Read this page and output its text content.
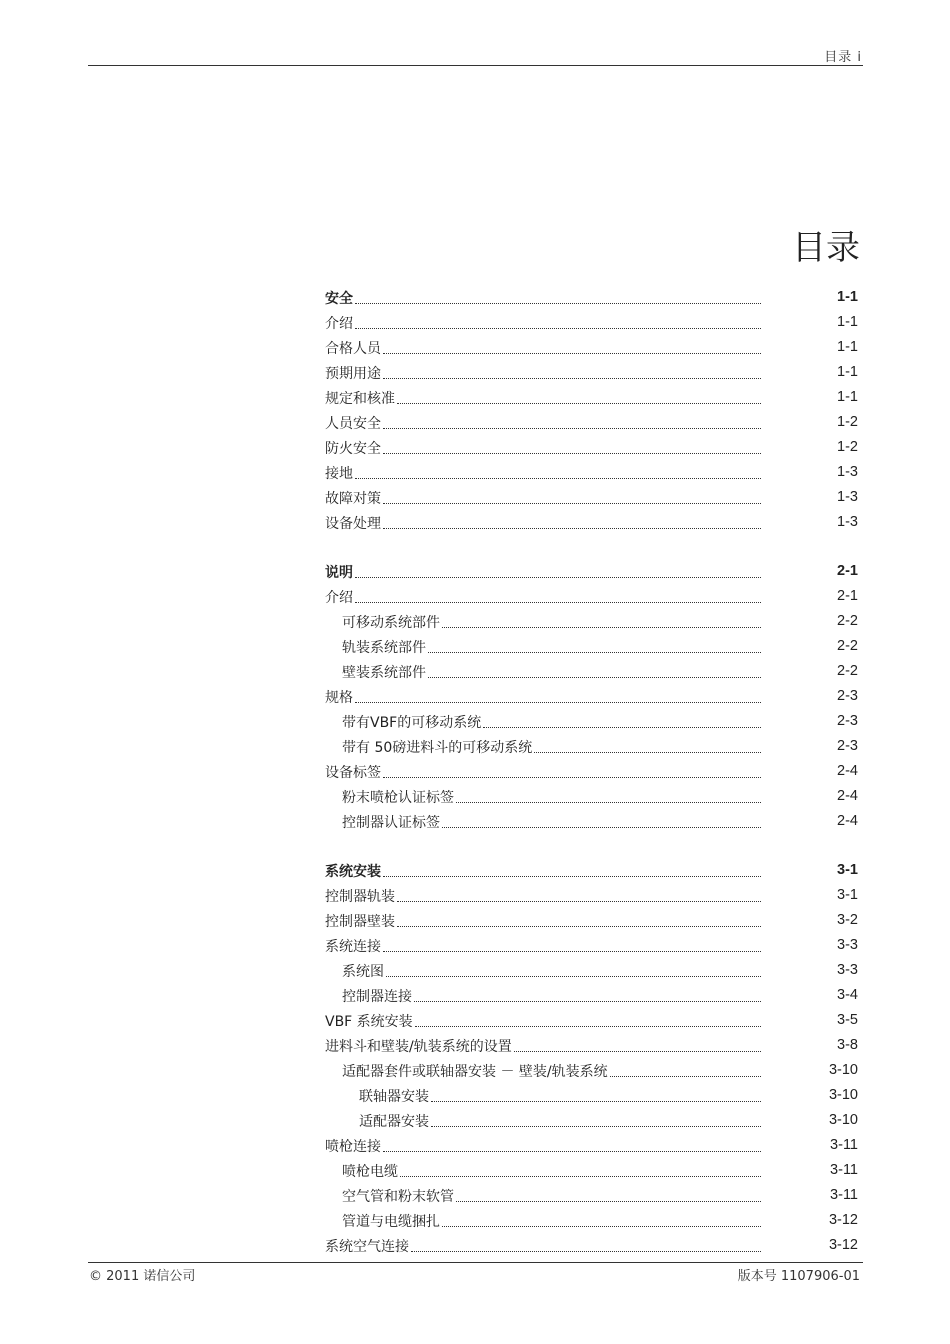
目录 i
目录
安全	1-1
介绍	1-1
合格人员	1-1
预期用途	1-1
规定和核准	1-1
人员安全	1-2
防火安全	1-2
接地	1-3
故障对策	1-3
设备处理	1-3
说明	2-1
介绍	2-1
可移动系统部件	2-2
轨装系统部件	2-2
壁装系统部件	2-2
规格	2-3
带有VBF的可移动系统	2-3
带有 50磅进料斗的可移动系统	2-3
设备标签	2-4
粉末喷枪认证标签	2-4
控制器认证标签	2-4
系统安装	3-1
控制器轨装	3-1
控制器壁装	3-2
系统连接	3-3
系统图	3-3
控制器连接	3-4
VBF 系统安装	3-5
进料斗和壁装/轨装系统的设置	3-8
适配器套件或联轴器安装 － 壁装/轨装系统	3-10
联轴器安装	3-10
适配器安装	3-10
喷枪连接	3-11
喷枪电缆	3-11
空气管和粉末软管	3-11
管道与电缆捆扎	3-12
系统空气连接	3-12
© 2011 诺信公司	版本号 1107906-01
